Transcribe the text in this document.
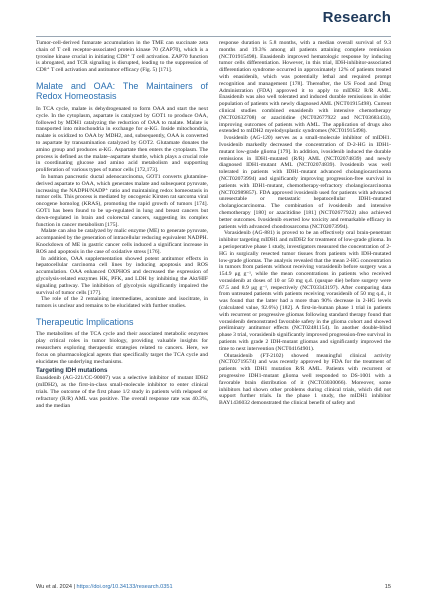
Research

Tumor-cell-derived fumarate accumulation in the TME can succinate zeta chain of T cell receptor-associated protein kinase 70 (ZAP70), which is a tyrosine kinase crucial in initiating CD8⁺ T cell activation. ZAP70 function is abrogated, and TCR signaling is disrupted, leading to the suppression of CD8⁺ T cell activation and antitumor efficacy (Fig. 5) [171].

Malate and OAA: The Maintainers of Redox Homeostasis

In TCA cycle, malate is dehydrogenated to form OAA and start the next cycle. In the cytoplasm, aspartate is catalyzed by GOT1 to produce OAA, followed by MDH1 catalyzing the reduction of OAA to malate. Malate is transported into mitochondria in exchange for α-KG. Inside mitochondria, malate is oxidized to OAA by MDH2, and, subsequently, OAA is converted to aspartate by transamination catalyzed by GOT2. Glutamate donates the amino group and produces α-KG. Aspartate then enters the cytoplasm. The process is defined as the malate–aspartate shuttle, which plays a crucial role in coordinating glucose and amino acid metabolism and supporting proliferation of various types of tumor cells [172,173].

In human pancreatic ductal adenocarcinoma, GOT1 converts glutamine-derived aspartate to OAA, which generates malate and subsequent pyruvate, increasing the NADPH/NADP⁺ ratio and maintaining redox homeostasis in tumor cells. This process is mediated by oncogenic Kirsten rat sarcoma viral oncogene homolog (KRAS), promoting the rapid growth of tumors [174]. GOT1 has been found to be up-regulated in lung and breast cancers but down-regulated in brain and colorectal cancers, suggesting its complex function in cancer metabolism [175].

Malate can also be catalyzed by malic enzyme (ME) to generate pyruvate, accompanied by the generation of intracellular reducing equivalent NADPH. Knockdown of ME in gastric cancer cells induced a significant increase in ROS and apoptosis in the case of oxidative stress [176].

In addition, OAA supplementation showed potent antitumor effects in hepatocellular carcinoma cell lines by inducing apoptosis and ROS accumulation. OAA enhanced OXPHOS and decreased the expression of glycolysis-related enzymes HK, PFK, and LDH by inhibiting the Akt/HIF signaling pathway. The inhibition of glycolysis significantly impaired the survival of tumor cells [177].

The role of the 2 remaining intermediates, aconitate and isocitrate, in tumors is unclear and remains to be elucidated with further studies.

Therapeutic Implications

The metabolites of the TCA cycle and their associated metabolic enzymes play critical roles in tumor biology, providing valuable insights for researchers exploring therapeutic strategies related to cancers. Here, we focus on pharmacological agents that specifically target the TCA cycle and elucidates the underlying mechanisms.

Targeting IDH mutations

Enasidenib (AG-221/CC-90007) was a selective inhibitor of mutant IDH2 (mIDH2), as the first-in-class small-molecule inhibitor to enter clinical trials. The outcome of the first phase 1/2 study in patients with relapsed or refractory (R/R) AML was positive. The overall response rate was 40.3%, and the median

response duration is 5.8 months, with a median overall survival of 9.3 months and 19.3% among all patients attaining complete remission (NCT01915498). Enasidenib improved hematologic response by inducing tumor cells differentiation. However, in this trial, IDH-inhibitor-associated differentiation syndrome occurred in approximately 12% of patients treated with enasidenib, which was potentially lethal and required prompt recognition and management [178]. Thereafter, the US Food and Drug Administration (FDA) approved it to apply to mIDH2 R/R AML. Enasidenib was also well tolerated and induced durable remissions in older population of patients with newly diagnosed AML (NCT01915498). Current clinical studies combined enasidenib with intensive chemotherapy (NCT02632708) or azacitidine (NCT02677922 and NCT03683433), improving outcomes of patients with AML. The application of drugs also extended to mIDH2 myelodysplastic syndromes (NCT01915498).

Ivosidenib (AG-120) serves as a small-molecule inhibitor of mIDH1. Ivosidenib markedly decreased the concentration of D-2-HG in IDH1-mutant low-grade glioma [179]. In addition, ivosidenib induced the durable remissions in IDH1-mutated (R/R) AML (NCT02074839) and newly diagnosed IDH1-mutant AML (NCT02074839). Ivosidenib was well tolerated in patients with IDH1-mutant advanced cholangiocarcinoma (NCT02073994) and significantly improving progression-free survival in patients with IDH1-mutant, chemotherapy-refractory cholangiocarcinoma (NCT02989857). FDA approved ivosidenib used for patients with advanced unresectable or metastatic hepatocellular IDH1-mutated cholangiocarcinoma. The combination of ivosidenib and intensive chemotherapy [180] or azacitidine [181] (NCT02677922) also achieved better outcomes. Ivosidenib exerted low toxicity and remarkable efficacy in patients with advanced chondrosarcoma (NCT02073994).

Vorasidenib (AG-881) is proved to be an effectively oral brain-penetrant inhibitor targeting mIDH1 and mIDH2 for treatment of low-grade glioma. In a perioperative phase 1 study, investigators measured the concentration of 2-HG in surgically resected tumor tissues from patients with IDH-mutated low-grade gliomas. The analysis revealed that the mean 2-HG concentration in tumors from patients without receiving vorasidenib before surgery was a 154.9 μg g⁻¹, while the mean concentrations in patients who received vorasidenib at doses of 10 or 50 mg q.d. (qusque die) before surgery were 67.5 and 8.9 μg g⁻¹, respectively (NCT03343197). After comparing data from untreated patients with patients receiving vorasidenib of 50 mg q.d., it was found that the latter had a more than 90% decrease in 2-HG levels (calculated value, 92.6%) [182]. A first-in-human phase 1 trial in patients with recurrent or progressive gliomas following standard therapy found that vorasidenib demonstrated favorable safety in the glioma cohort and showed preliminary antitumor effects (NCT02481154). In another double-blind phase 3 trial, vorasidenib significantly improved progression-free survival in patients with grade 2 IDH-mutant gliomas and significantly improved the time to next intervention (NCT04164901).

Olutasidenib (FT-2102) showed meaningful clinical activity (NCT02719574) and was recently approved by FDA for the treatment of patients with IDH1 mutation R/R AML. Patients with recurrent or progressive IDH1-mutant glioma well responded to DS-1001 with a favorable brain distribution of it (NCT03030066). Moreover, some inhibitors had shown other problems during clinical trials, which did not support further trials. In the phase 1 study, the mIDH1 inhibitor BAY1436032 demonstrated the clinical benefit of safety and

Wu et al. 2024 | https://doi.org/10.34133/research.0351	15
